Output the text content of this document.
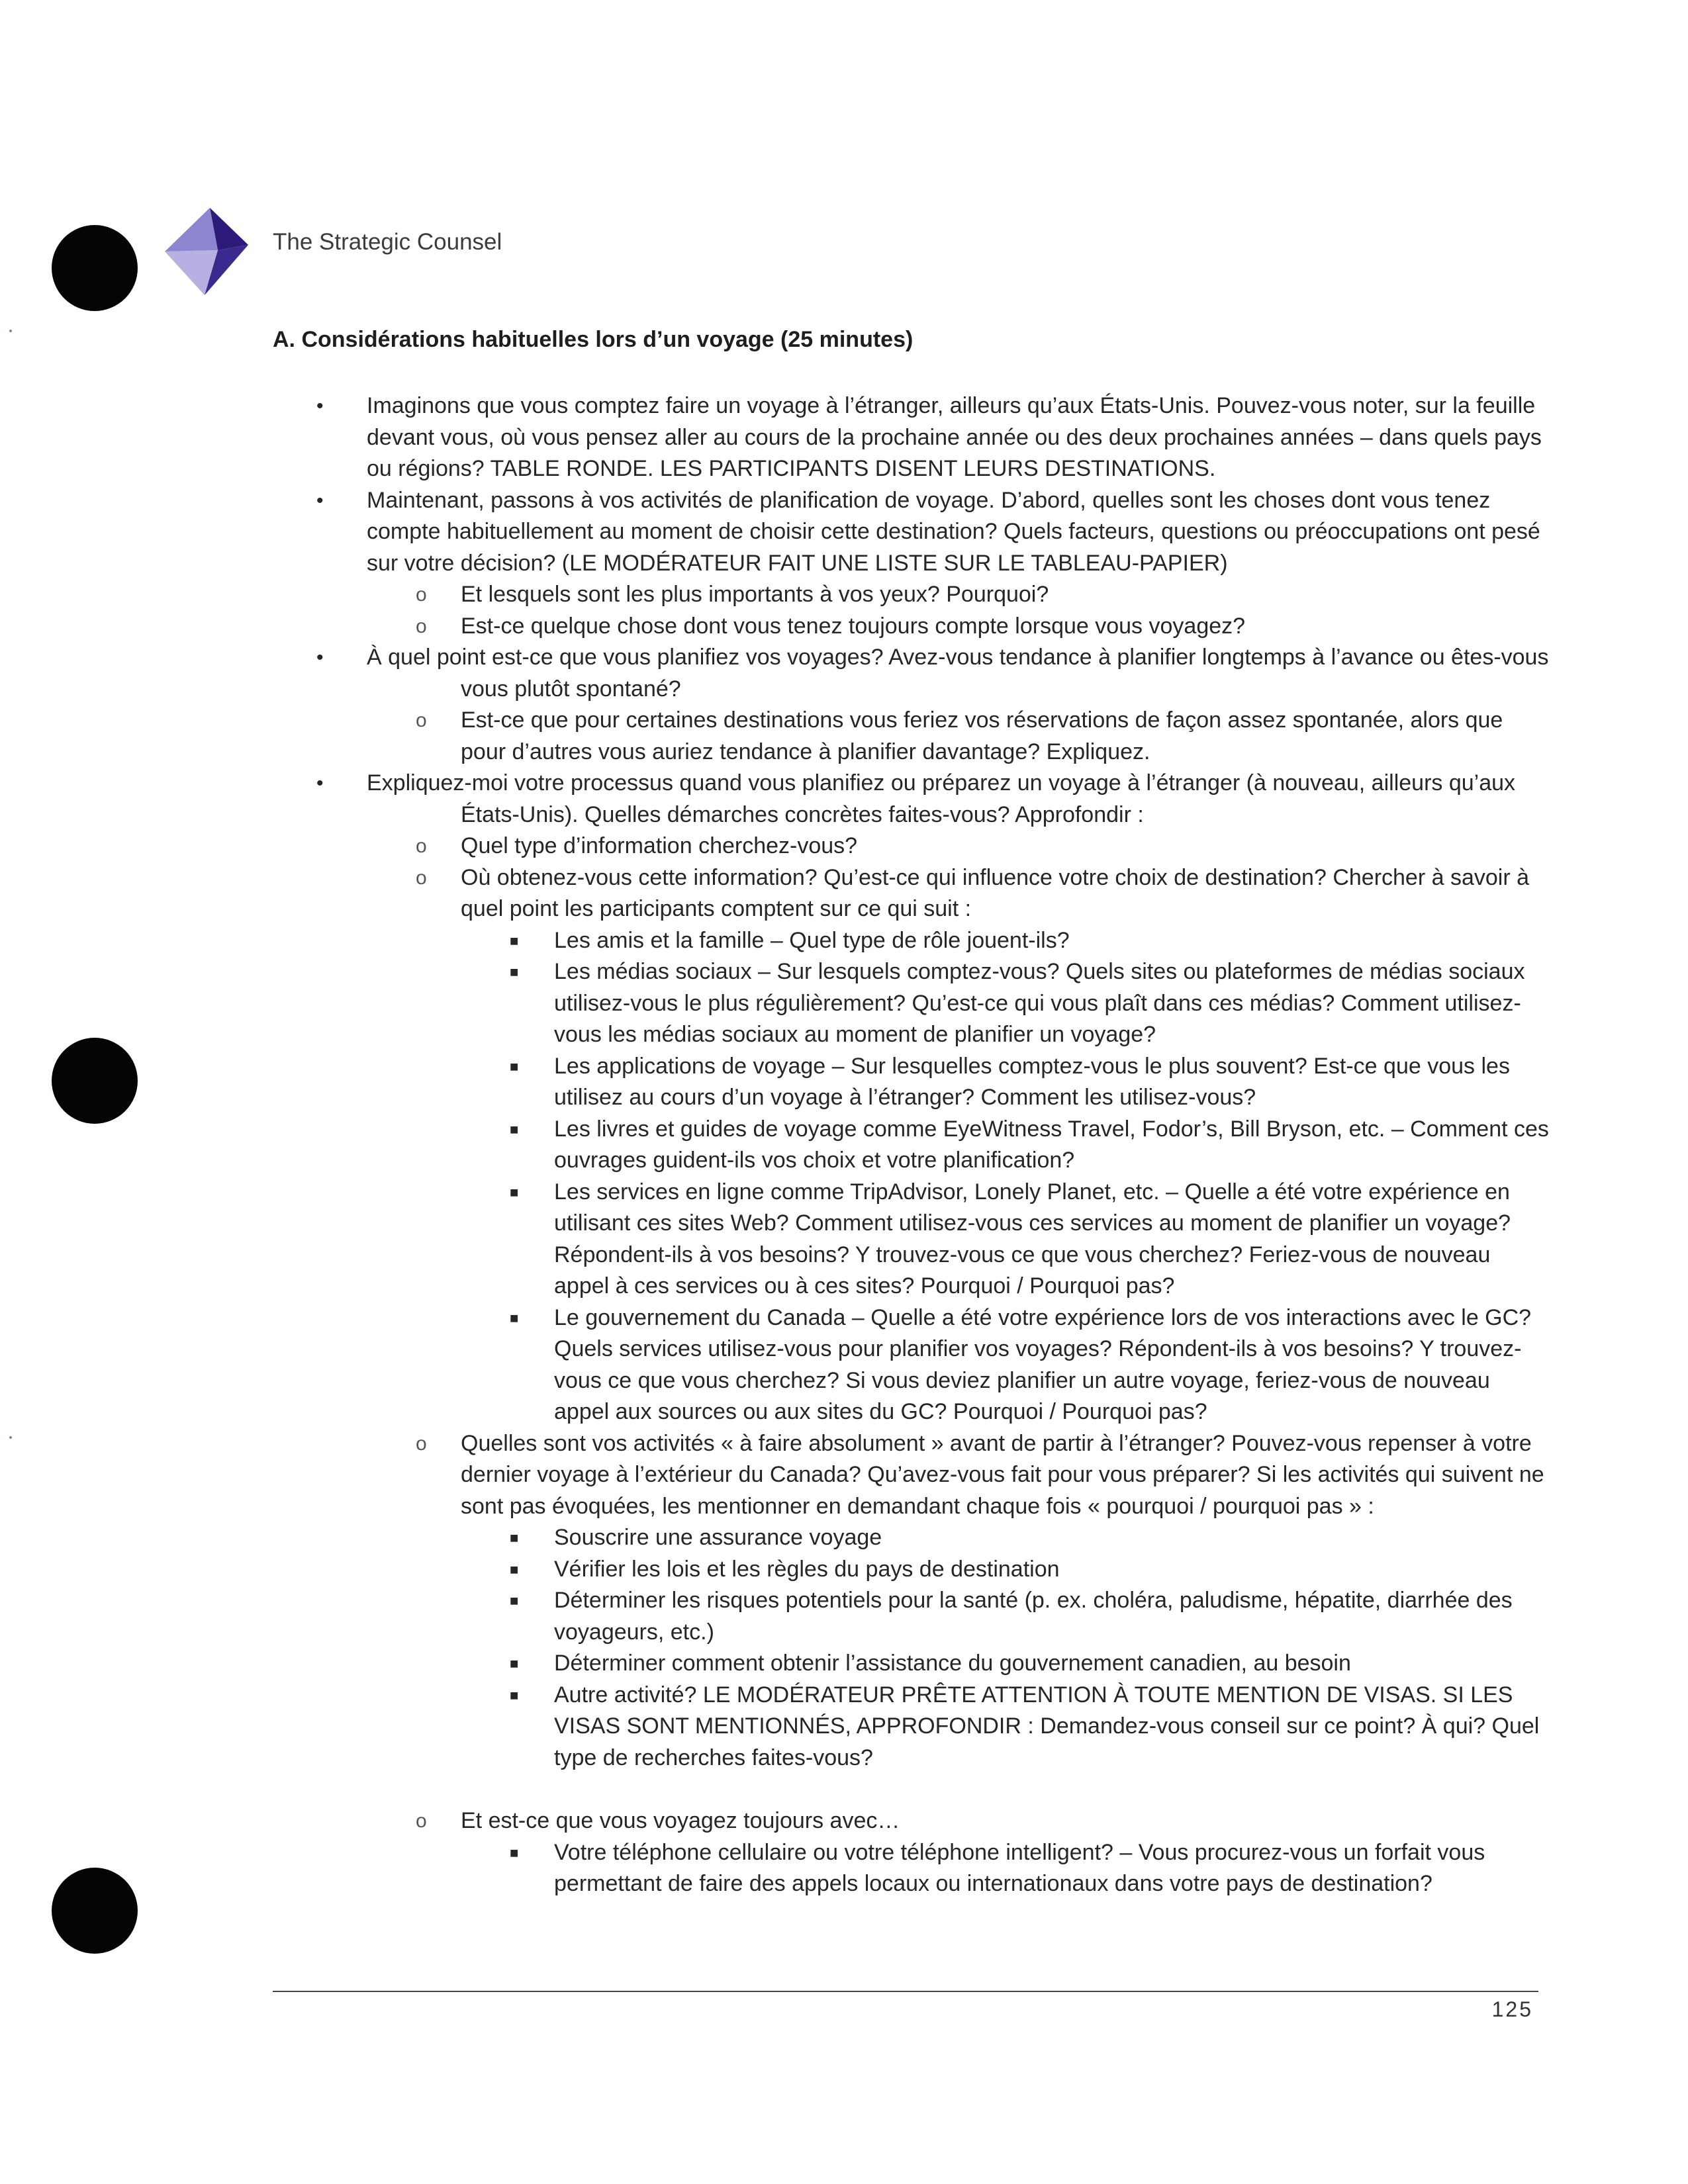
The Strategic Counsel
A. Considérations habituelles lors d’un voyage (25 minutes)
• Imaginons que vous comptez faire un voyage à l’étranger, ailleurs qu’aux États-Unis. Pouvez-vous noter, sur la feuille devant vous, où vous pensez aller au cours de la prochaine année ou des deux prochaines années – dans quels pays ou régions? TABLE RONDE. LES PARTICIPANTS DISENT LEURS DESTINATIONS.
• Maintenant, passons à vos activités de planification de voyage. D’abord, quelles sont les choses dont vous tenez compte habituellement au moment de choisir cette destination? Quels facteurs, questions ou préoccupations ont pesé sur votre décision? (LE MODÉRATEUR FAIT UNE LISTE SUR LE TABLEAU-PAPIER)
o Et lesquels sont les plus importants à vos yeux? Pourquoi?
o Est-ce quelque chose dont vous tenez toujours compte lorsque vous voyagez?
• À quel point est-ce que vous planifiez vos voyages? Avez-vous tendance à planifier longtemps à l’avance ou êtes-vous vous plutôt spontané?
o Est-ce que pour certaines destinations vous feriez vos réservations de façon assez spontanée, alors que pour d’autres vous auriez tendance à planifier davantage? Expliquez.
• Expliquez-moi votre processus quand vous planifiez ou préparez un voyage à l’étranger (à nouveau, ailleurs qu’aux États-Unis). Quelles démarches concrètes faites-vous? Approfondir :
o Quel type d’information cherchez-vous?
o Où obtenez-vous cette information? Qu’est-ce qui influence votre choix de destination? Chercher à savoir à quel point les participants comptent sur ce qui suit :
■ Les amis et la famille – Quel type de rôle jouent-ils?
■ Les médias sociaux – Sur lesquels comptez-vous? Quels sites ou plateformes de médias sociaux utilisez-vous le plus régulièrement? Qu’est-ce qui vous plaît dans ces médias? Comment utilisez-vous les médias sociaux au moment de planifier un voyage?
■ Les applications de voyage – Sur lesquelles comptez-vous le plus souvent? Est-ce que vous les utilisez au cours d’un voyage à l’étranger? Comment les utilisez-vous?
■ Les livres et guides de voyage comme EyeWitness Travel, Fodor’s, Bill Bryson, etc. – Comment ces ouvrages guident-ils vos choix et votre planification?
■ Les services en ligne comme TripAdvisor, Lonely Planet, etc. – Quelle a été votre expérience en utilisant ces sites Web? Comment utilisez-vous ces services au moment de planifier un voyage? Répondent-ils à vos besoins? Y trouvez-vous ce que vous cherchez? Feriez-vous de nouveau appel à ces services ou à ces sites? Pourquoi / Pourquoi pas?
■ Le gouvernement du Canada – Quelle a été votre expérience lors de vos interactions avec le GC? Quels services utilisez-vous pour planifier vos voyages? Répondent-ils à vos besoins? Y trouvez-vous ce que vous cherchez? Si vous deviez planifier un autre voyage, feriez-vous de nouveau appel aux sources ou aux sites du GC? Pourquoi / Pourquoi pas?
o Quelles sont vos activités « à faire absolument » avant de partir à l’étranger? Pouvez-vous repenser à votre dernier voyage à l’extérieur du Canada? Qu’avez-vous fait pour vous préparer? Si les activités qui suivent ne sont pas évoquées, les mentionner en demandant chaque fois « pourquoi / pourquoi pas » :
■ Souscrire une assurance voyage
■ Vérifier les lois et les règles du pays de destination
■ Déterminer les risques potentiels pour la santé (p. ex. choléra, paludisme, hépatite, diarrhée des voyageurs, etc.)
■ Déterminer comment obtenir l’assistance du gouvernement canadien, au besoin
■ Autre activité? LE MODÉRATEUR PRÊTE ATTENTION À TOUTE MENTION DE VISAS. SI LES VISAS SONT MENTIONNÉS, APPROFONDIR : Demandez-vous conseil sur ce point? À qui? Quel type de recherches faites-vous?
o Et est-ce que vous voyagez toujours avec…
■ Votre téléphone cellulaire ou votre téléphone intelligent? – Vous procurez-vous un forfait vous permettant de faire des appels locaux ou internationaux dans votre pays de destination?
125
